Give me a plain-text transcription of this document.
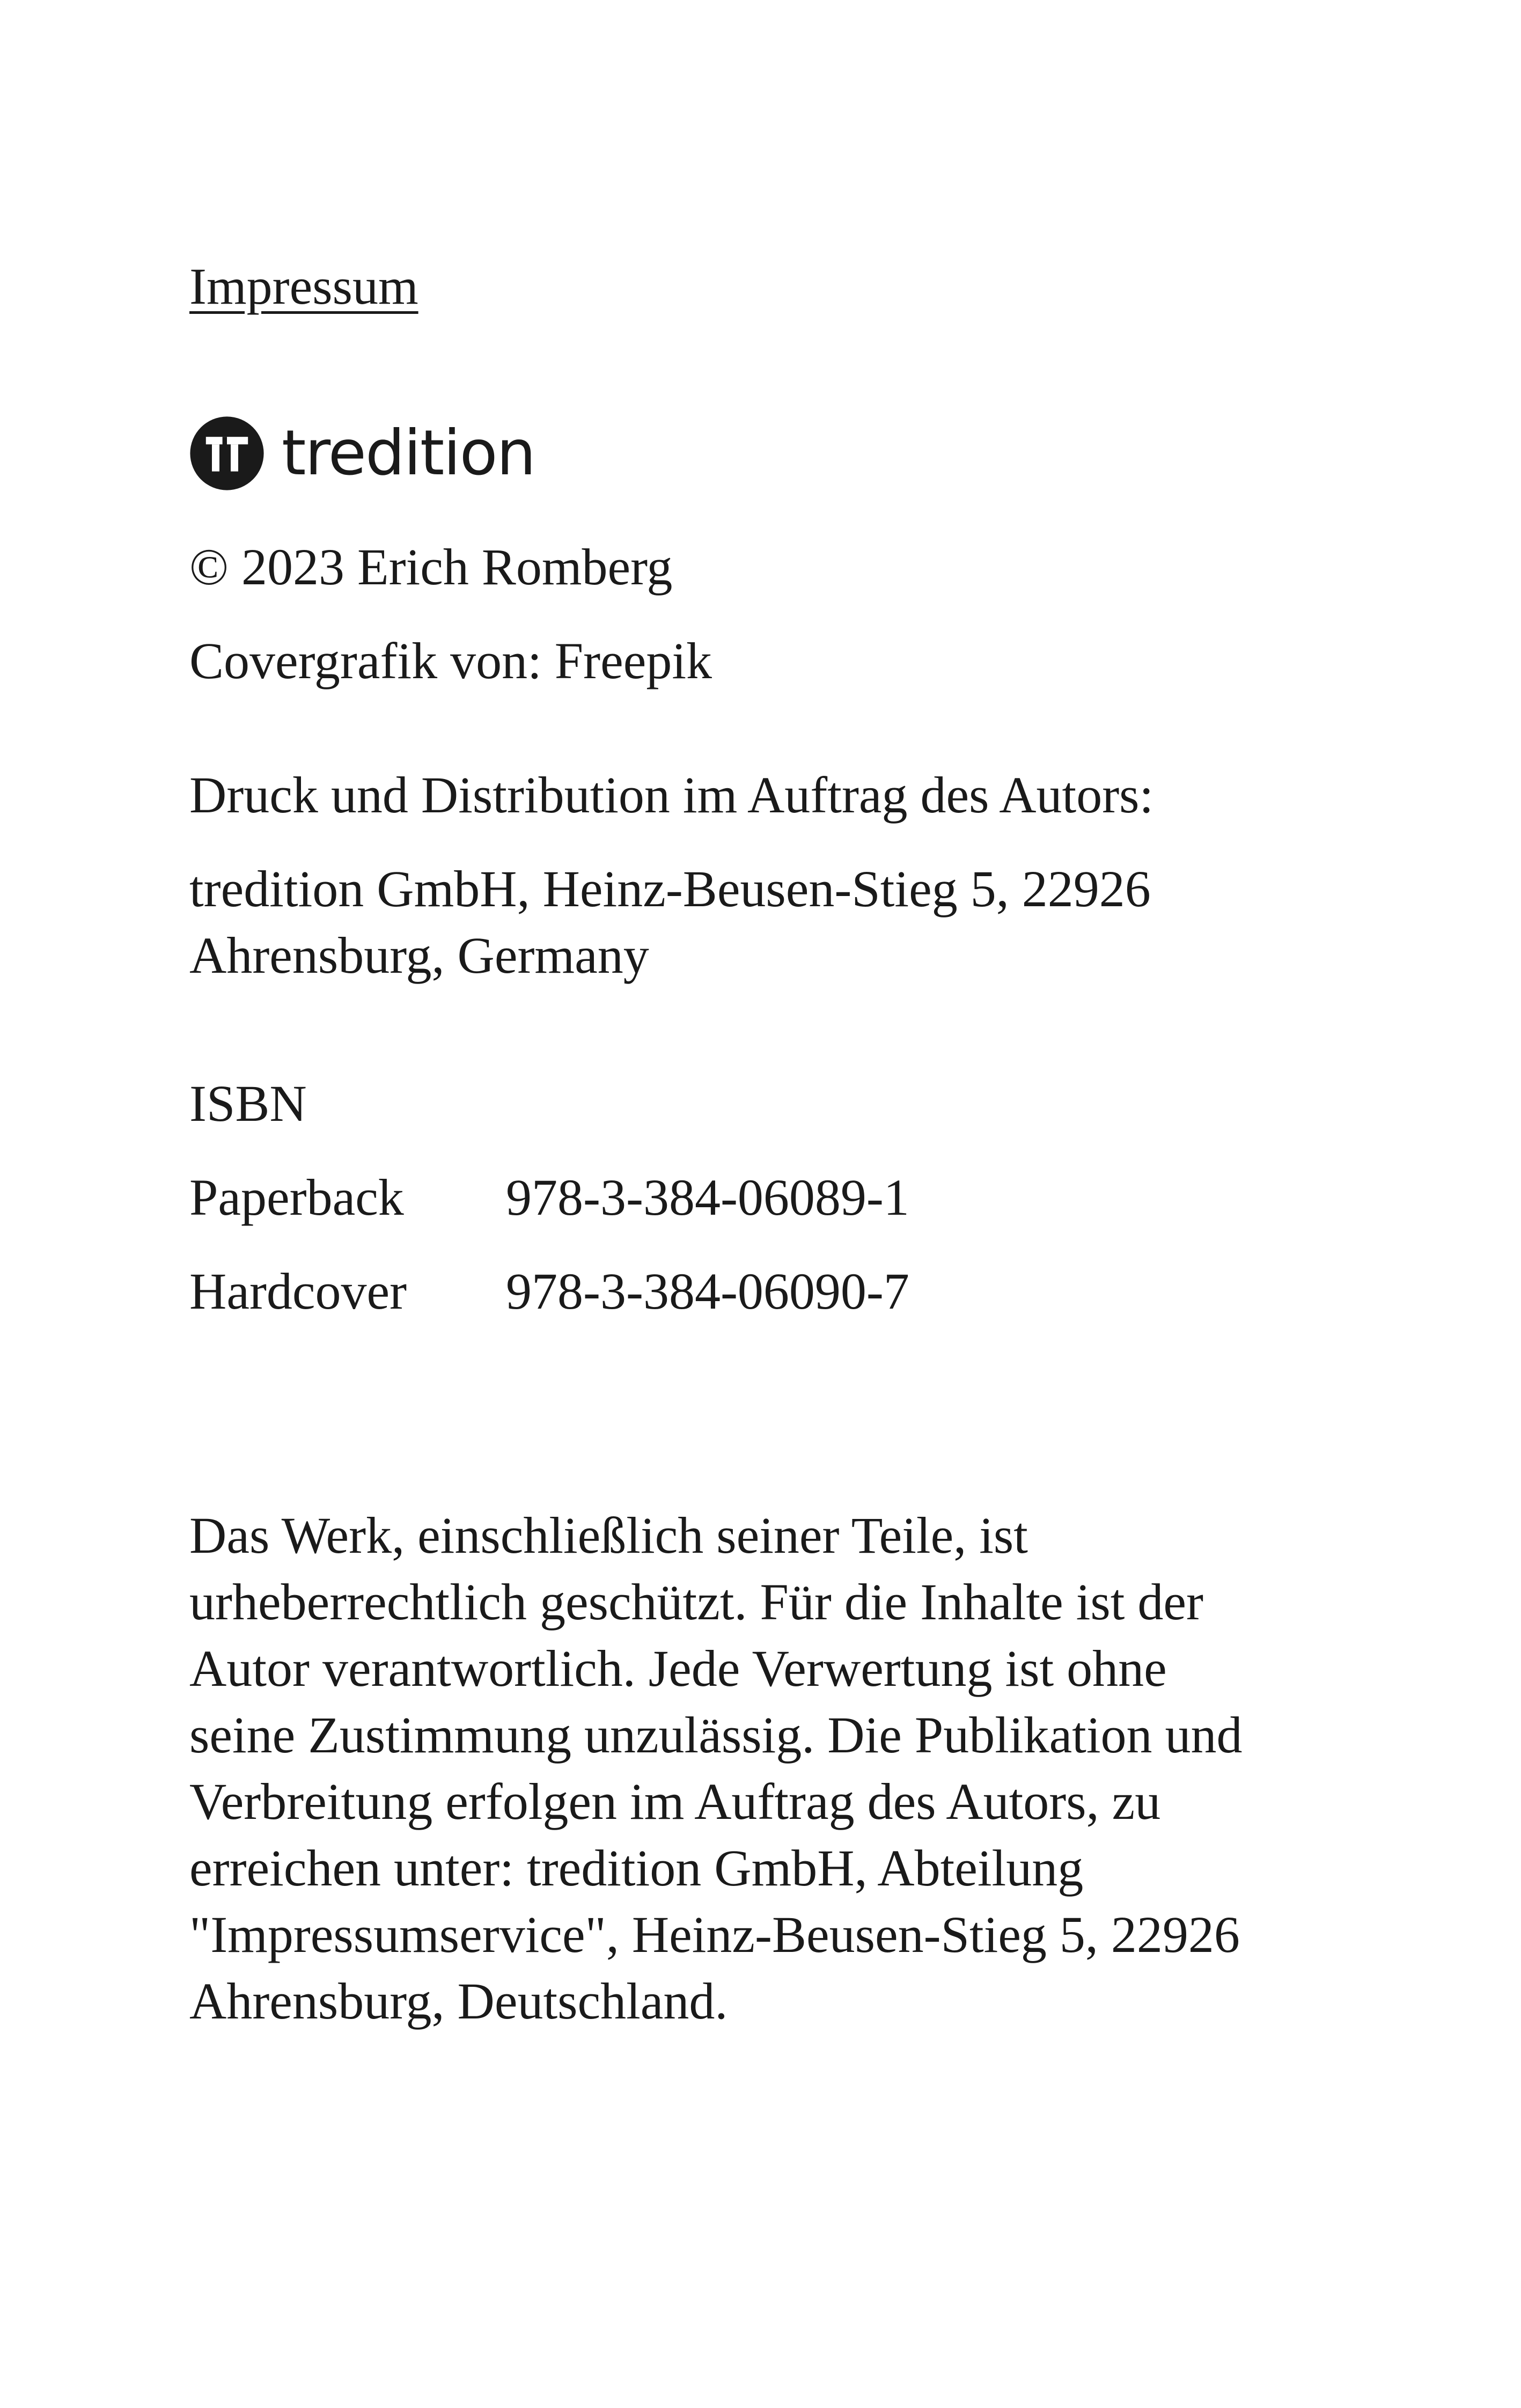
Impressum
tredition
© 2023 Erich Romberg
Covergrafik von: Freepik
Druck und Distribution im Auftrag des Autors:
tredition GmbH, Heinz-Beusen-Stieg 5, 22926
Ahrensburg, Germany
ISBN
Paperback 978-3-384-06089-1
Hardcover 978-3-384-06090-7
Das Werk, einschließlich seiner Teile, ist
urheberrechtlich geschützt. Für die Inhalte ist der
Autor verantwortlich. Jede Verwertung ist ohne
seine Zustimmung unzulässig. Die Publikation und
Verbreitung erfolgen im Auftrag des Autors, zu
erreichen unter: tredition GmbH, Abteilung
"Impressumservice", Heinz-Beusen-Stieg 5, 22926
Ahrensburg, Deutschland.
